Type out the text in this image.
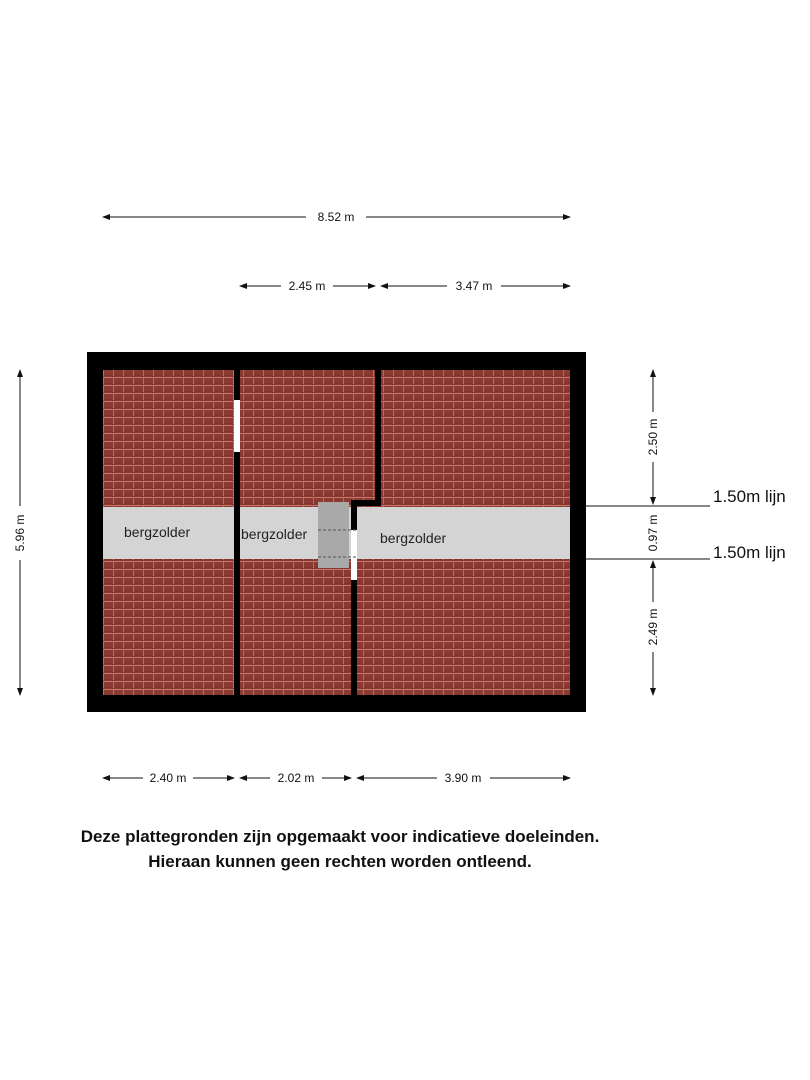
bergzolder	bergzolder	bergzolder
1.50m lijn
1.50m lijn
8.52 m
2.45 m	3.47 m
5.96 m
2.50 m
0.97 m
2.49 m
2.40 m	2.02 m	3.90 m
Deze plattegronden zijn opgemaakt voor indicatieve doeleinden.
Hieraan kunnen geen rechten worden ontleend.
